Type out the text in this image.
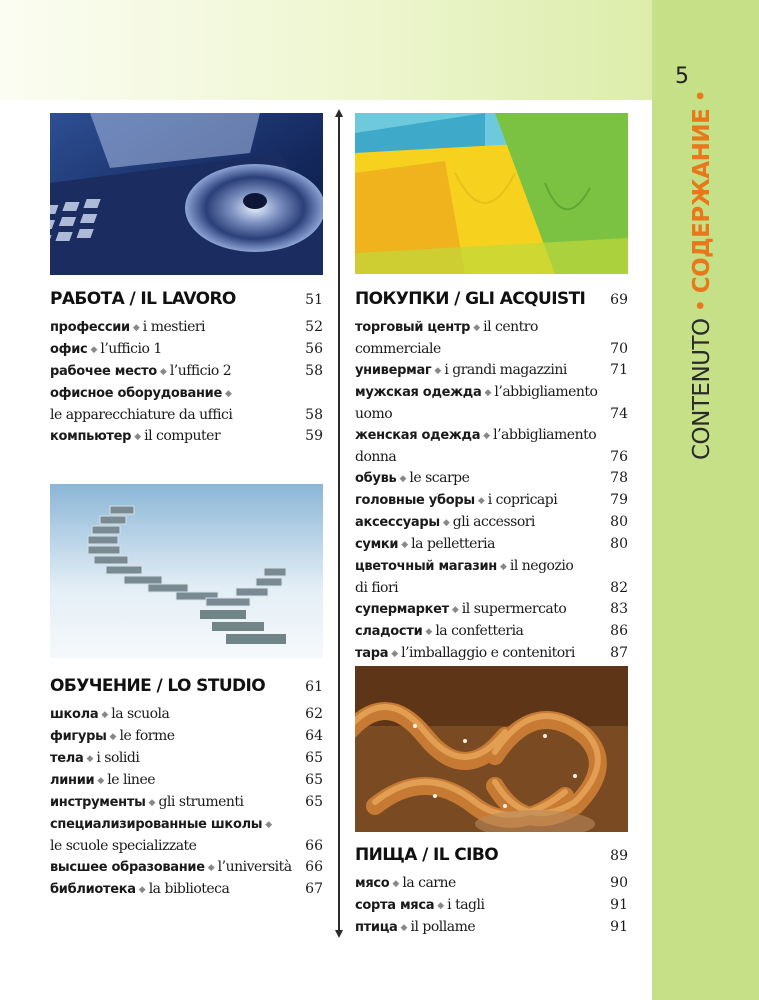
5
CONTENUTO•СОДЕРЖАНИЕ•
РАБОТА / IL LAVORO	51
профессии ◆ i mestieri	52
офис ◆ l’ufficio 1	56
рабочее место ◆ l’ufficio 2	58
офисное оборудование ◆
le apparecchiature da uffici	58
компьютер ◆ il computer	59
ОБУЧЕНИЕ / LO STUDIO	61
школа ◆ la scuola	62
фигуры ◆ le forme	64
тела ◆ i solidi	65
линии ◆ le linee	65
инструменты ◆ gli strumenti	65
специализированные школы ◆
le scuole specializzate	66
высшее образование ◆ l’università 66
библиотека ◆ la biblioteca	67
ПОКУПКИ / GLI ACQUISTI 69
торговый центр ◆ il centro
commerciale	70
универмаг ◆ i grandi magazzini	71
мужская одежда ◆ l’abbigliamento
uomo	74
женская одежда ◆ l’abbigliamento
donna	76
обувь ◆ le scarpe	78
головные уборы ◆ i copricapi	79
аксессуары ◆ gli accessori	80
сумки ◆ la pelletteria	80
цветочный магазин ◆ il negozio
di fiori	82
супермаркет ◆ il supermercato	83
сладости ◆ la confetteria	86
тара ◆ l’imballaggio e contenitori	87
ПИЩА / IL CIBO	89
мясо ◆ la carne	90
сорта мяса ◆ i tagli	91
птица ◆ il pollame	91
